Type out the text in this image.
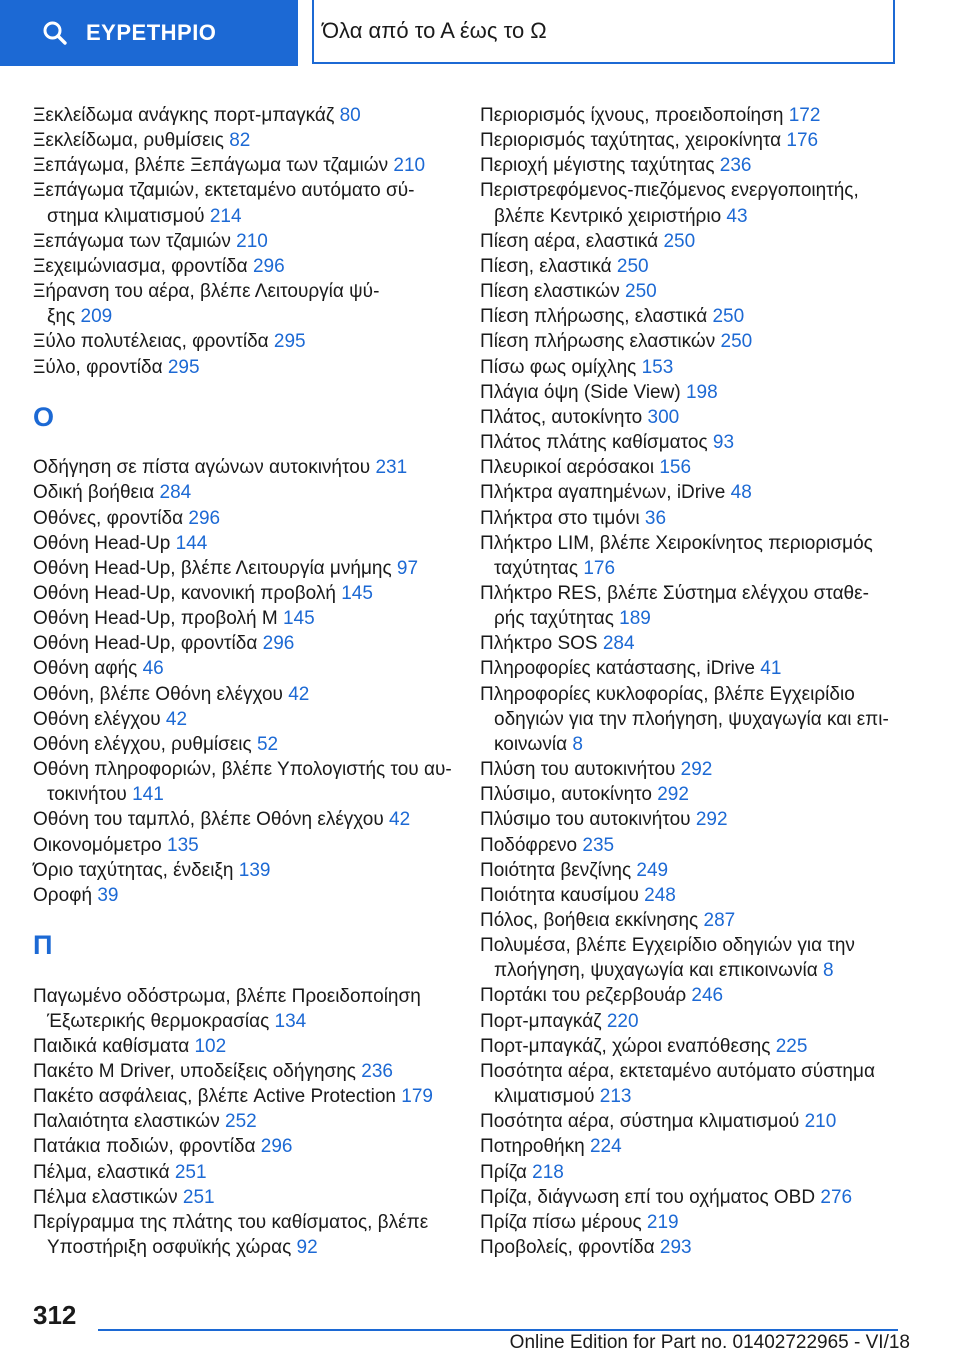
ΕΥΡΕΤΗΡΙΟ	Όλα από το Α έως το Ω
Ξεκλείδωμα ανάγκης πορτ-μπαγκάζ 80
Ξεκλείδωμα, ρυθμίσεις 82
Ξεπάγωμα, βλέπε Ξεπάγωμα των τζαμιών 210
Ξεπάγωμα τζαμιών, εκτεταμένο αυτόματο σύ-
στημα κλιματισμού 214
Ξεπάγωμα των τζαμιών 210
Ξεχειμώνιασμα, φροντίδα 296
Ξήρανση του αέρα, βλέπε Λειτουργία ψύ-
ξης 209
Ξύλο πολυτέλειας, φροντίδα 295
Ξύλο, φροντίδα 295
Ο
Οδήγηση σε πίστα αγώνων αυτοκινήτου 231
Οδική βοήθεια 284
Οθόνες, φροντίδα 296
Οθόνη Head-Up 144
Οθόνη Head-Up, βλέπε Λειτουργία μνήμης 97
Οθόνη Head-Up, κανονική προβολή 145
Οθόνη Head-Up, προβολή M 145
Οθόνη Head-Up, φροντίδα 296
Οθόνη αφής 46
Οθόνη, βλέπε Οθόνη ελέγχου 42
Οθόνη ελέγχου 42
Οθόνη ελέγχου, ρυθμίσεις 52
Οθόνη πληροφοριών, βλέπε Υπολογιστής του αυ-
τοκινήτου 141
Οθόνη του ταμπλό, βλέπε Οθόνη ελέγχου 42
Οικονομόμετρο 135
Όριο ταχύτητας, ένδειξη 139
Οροφή 39
Π
Παγωμένο οδόστρωμα, βλέπε Προειδοποίηση
Έξωτερικής θερμοκρασίας 134
Παιδικά καθίσματα 102
Πακέτο M Driver, υποδείξεις οδήγησης 236
Πακέτο ασφάλειας, βλέπε Active Protection 179
Παλαιότητα ελαστικών 252
Πατάκια ποδιών, φροντίδα 296
Πέλμα, ελαστικά 251
Πέλμα ελαστικών 251
Περίγραμμα της πλάτης του καθίσματος, βλέπε
Υποστήριξη οσφυϊκής χώρας 92
Περιορισμός ίχνους, προειδοποίηση 172
Περιορισμός ταχύτητας, χειροκίνητα 176
Περιοχή μέγιστης ταχύτητας 236
Περιστρεφόμενος-πιεζόμενος ενεργοποιητής,
βλέπε Κεντρικό χειριστήριο 43
Πίεση αέρα, ελαστικά 250
Πίεση, ελαστικά 250
Πίεση ελαστικών 250
Πίεση πλήρωσης, ελαστικά 250
Πίεση πλήρωσης ελαστικών 250
Πίσω φως ομίχλης 153
Πλάγια όψη (Side View) 198
Πλάτος, αυτοκίνητο 300
Πλάτος πλάτης καθίσματος 93
Πλευρικοί αερόσακοι 156
Πλήκτρα αγαπημένων, iDrive 48
Πλήκτρα στο τιμόνι 36
Πλήκτρο LIM, βλέπε Χειροκίνητος περιορισμός
ταχύτητας 176
Πλήκτρο RES, βλέπε Σύστημα ελέγχου σταθε-
ρής ταχύτητας 189
Πλήκτρο SOS 284
Πληροφορίες κατάστασης, iDrive 41
Πληροφορίες κυκλοφορίας, βλέπε Εγχειρίδιο
οδηγιών για την πλοήγηση, ψυχαγωγία και επι-
κοινωνία 8
Πλύση του αυτοκινήτου 292
Πλύσιμο, αυτοκίνητο 292
Πλύσιμο του αυτοκινήτου 292
Ποδόφρενο 235
Ποιότητα βενζίνης 249
Ποιότητα καυσίμου 248
Πόλος, βοήθεια εκκίνησης 287
Πολυμέσα, βλέπε Εγχειρίδιο οδηγιών για την
πλοήγηση, ψυχαγωγία και επικοινωνία 8
Πορτάκι του ρεζερβουάρ 246
Πορτ-μπαγκάζ 220
Πορτ-μπαγκάζ, χώροι εναπόθεσης 225
Ποσότητα αέρα, εκτεταμένο αυτόματο σύστημα
κλιματισμού 213
Ποσότητα αέρα, σύστημα κλιματισμού 210
Ποτηροθήκη 224
Πρίζα 218
Πρίζα, διάγνωση επί του οχήματος OBD 276
Πρίζα πίσω μέρους 219
Προβολείς, φροντίδα 293
312
Online Edition for Part no. 01402722965 - VI/18
